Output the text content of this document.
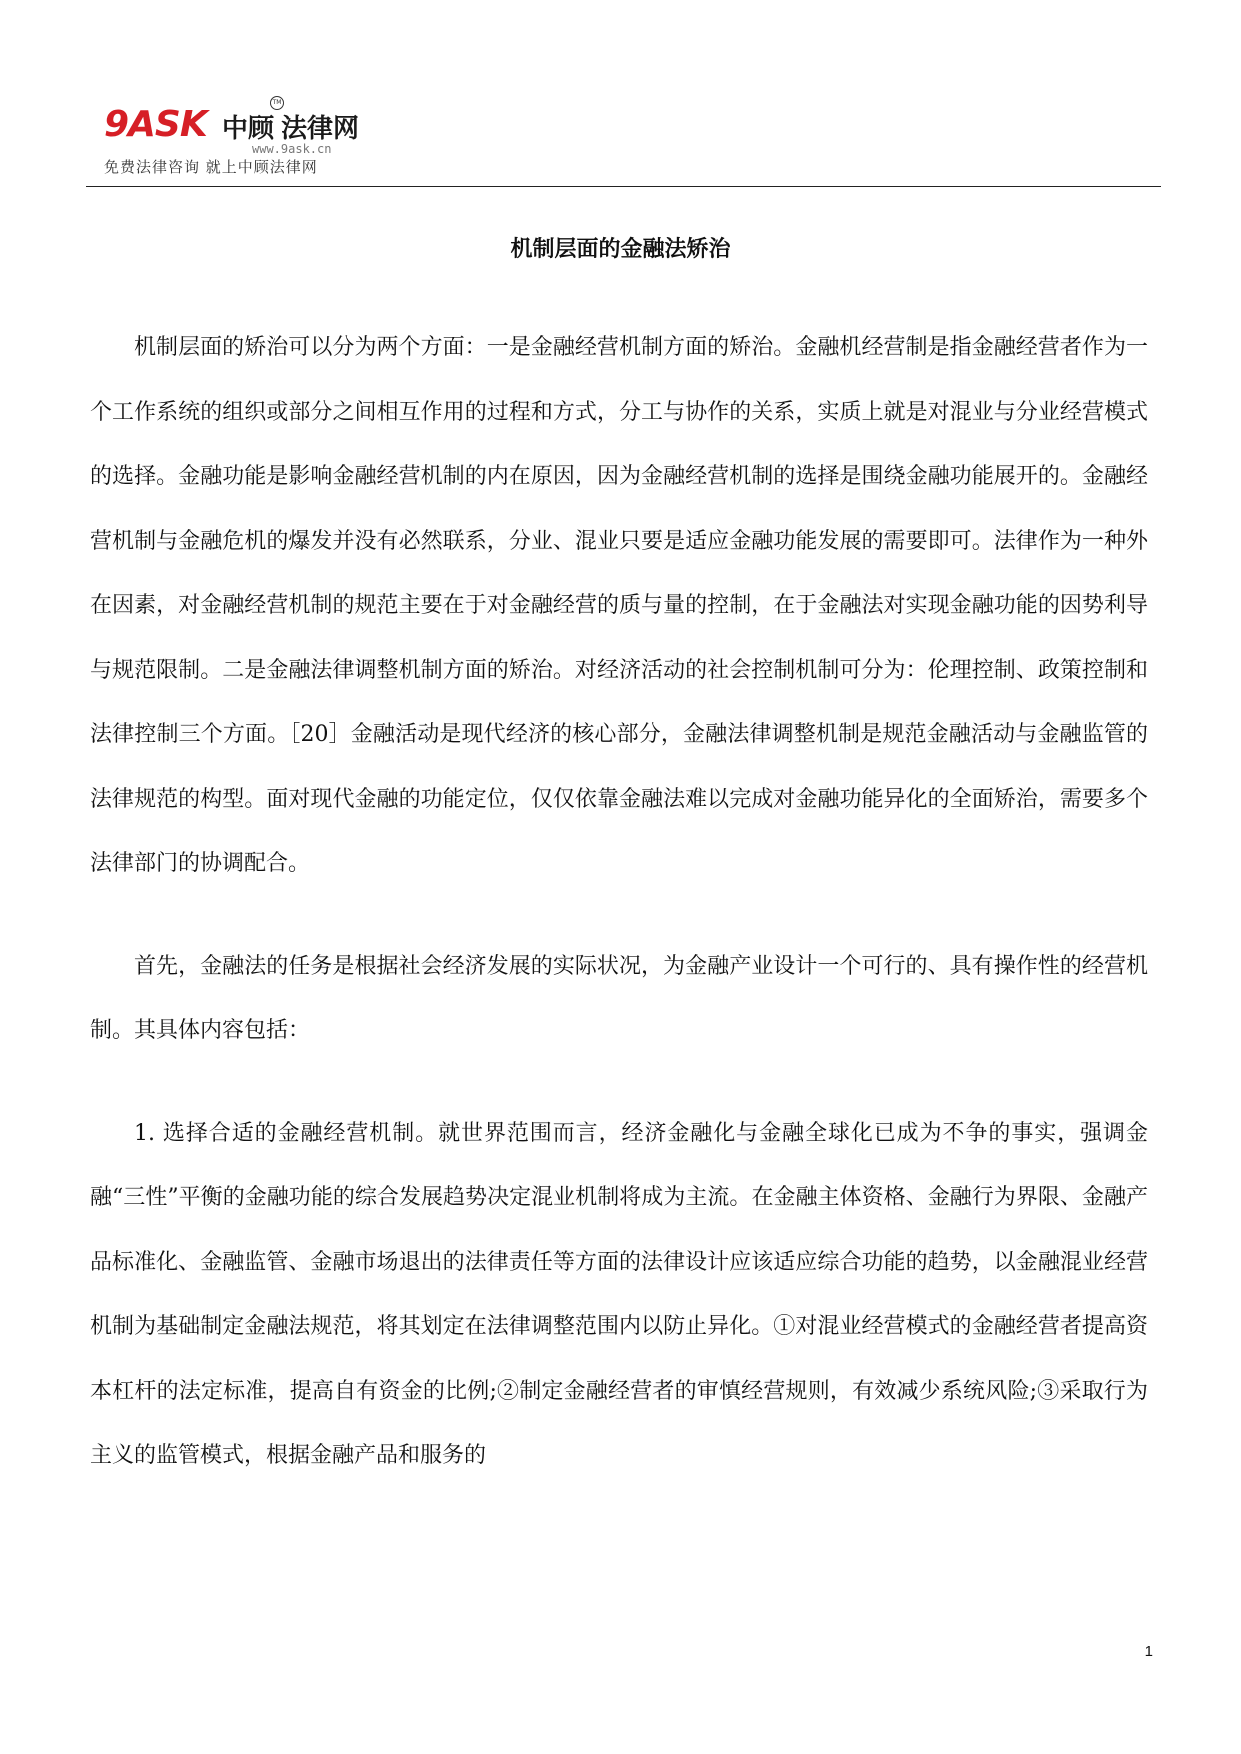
9ASK 中顾
TM
法律网
www.9ask.cn
免费法律咨询 就上中顾法律网
机制层面的金融法矫治

机制层面的矫治可以分为两个方面：一是金融经营机制方面的矫治。金融机经营制是指金融经营者作为一个工作系统的组织或部分之间相互作用的过程和方式，分工与协作的关系，实质上就是对混业与分业经营模式的选择。金融功能是影响金融经营机制的内在原因，因为金融经营机制的选择是围绕金融功能展开的。金融经营机制与金融危机的爆发并没有必然联系，分业、混业只要是适应金融功能发展的需要即可。法律作为一种外在因素，对金融经营机制的规范主要在于对金融经营的质与量的控制，在于金融法对实现金融功能的因势利导与规范限制。二是金融法律调整机制方面的矫治。对经济活动的社会控制机制可分为：伦理控制、政策控制和法律控制三个方面。［20］金融活动是现代经济的核心部分，金融法律调整机制是规范金融活动与金融监管的法律规范的构型。面对现代金融的功能定位，仅仅依靠金融法难以完成对金融功能异化的全面矫治，需要多个法律部门的协调配合。

首先，金融法的任务是根据社会经济发展的实际状况，为金融产业设计一个可行的、具有操作性的经营机制。其具体内容包括：

1. 选择合适的金融经营机制。就世界范围而言，经济金融化与金融全球化已成为不争的事实，强调金融“三性”平衡的金融功能的综合发展趋势决定混业机制将成为主流。在金融主体资格、金融行为界限、金融产品标准化、金融监管、金融市场退出的法律责任等方面的法律设计应该适应综合功能的趋势，以金融混业经营机制为基础制定金融法规范，将其划定在法律调整范围内以防止异化。①对混业经营模式的金融经营者提高资本杠杆的法定标准，提高自有资金的比例;②制定金融经营者的审慎经营规则，有效减少系统风险;③采取行为主义的监管模式，根据金融产品和服务的

1
